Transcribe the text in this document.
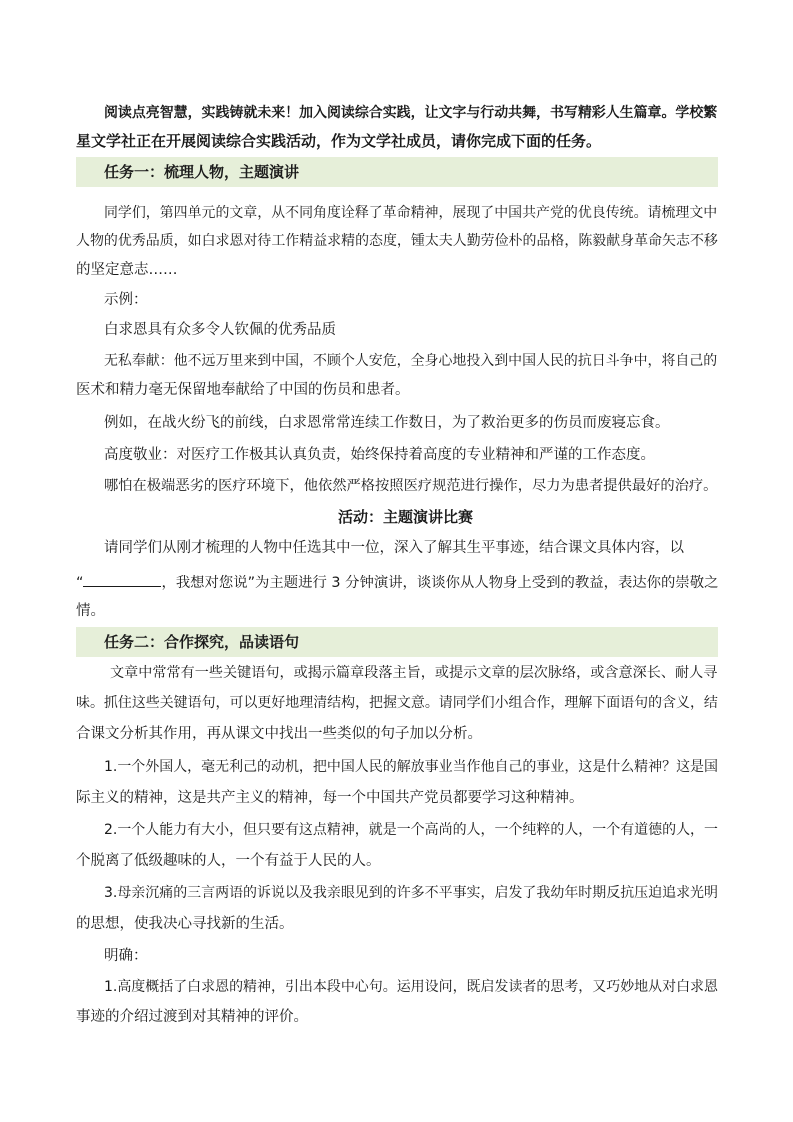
阅读点亮智慧，实践铸就未来！加入阅读综合实践，让文字与行动共舞，书写精彩人生篇章。学校繁
星文学社正在开展阅读综合实践活动，作为文学社成员，请你完成下面的任务。
任务一：梳理人物，主题演讲
同学们，第四单元的文章，从不同角度诠释了革命精神，展现了中国共产党的优良传统。请梳理文中
人物的优秀品质，如白求恩对待工作精益求精的态度，锺太夫人勤劳俭朴的品格，陈毅献身革命矢志不移
的坚定意志……
示例：
白求恩具有众多令人钦佩的优秀品质
无私奉献：他不远万里来到中国，不顾个人安危，全身心地投入到中国人民的抗日斗争中，将自己的
医术和精力毫无保留地奉献给了中国的伤员和患者。
例如，在战火纷飞的前线，白求恩常常连续工作数日，为了救治更多的伤员而废寝忘食。
高度敬业：对医疗工作极其认真负责，始终保持着高度的专业精神和严谨的工作态度。
哪怕在极端恶劣的医疗环境下，他依然严格按照医疗规范进行操作，尽力为患者提供最好的治疗。
活动：主题演讲比赛
请同学们从刚才梳理的人物中任选其中一位，深入了解其生平事迹，结合课文具体内容，以
“	，我想对您说”为主题进行 3 分钟演讲，谈谈你从人物身上受到的教益，表达你的崇敬之
情。
任务二：合作探究，品读语句
文章中常常有一些关键语句，或揭示篇章段落主旨，或提示文章的层次脉络，或含意深长、耐人寻
味。抓住这些关键语句，可以更好地理清结构，把握文意。请同学们小组合作，理解下面语句的含义，结
合课文分析其作用，再从课文中找出一些类似的句子加以分析。
1.一个外国人，毫无利己的动机，把中国人民的解放事业当作他自己的事业，这是什么精神？这是国
际主义的精神，这是共产主义的精神，每一个中国共产党员都要学习这种精神。
2.一个人能力有大小，但只要有这点精神，就是一个高尚的人，一个纯粹的人，一个有道德的人，一
个脱离了低级趣味的人，一个有益于人民的人。
3.母亲沉痛的三言两语的诉说以及我亲眼见到的许多不平事实，启发了我幼年时期反抗压迫追求光明
的思想，使我决心寻找新的生活。
明确：
1.高度概括了白求恩的精神，引出本段中心句。运用设问，既启发读者的思考，又巧妙地从对白求恩
事迹的介绍过渡到对其精神的评价。
